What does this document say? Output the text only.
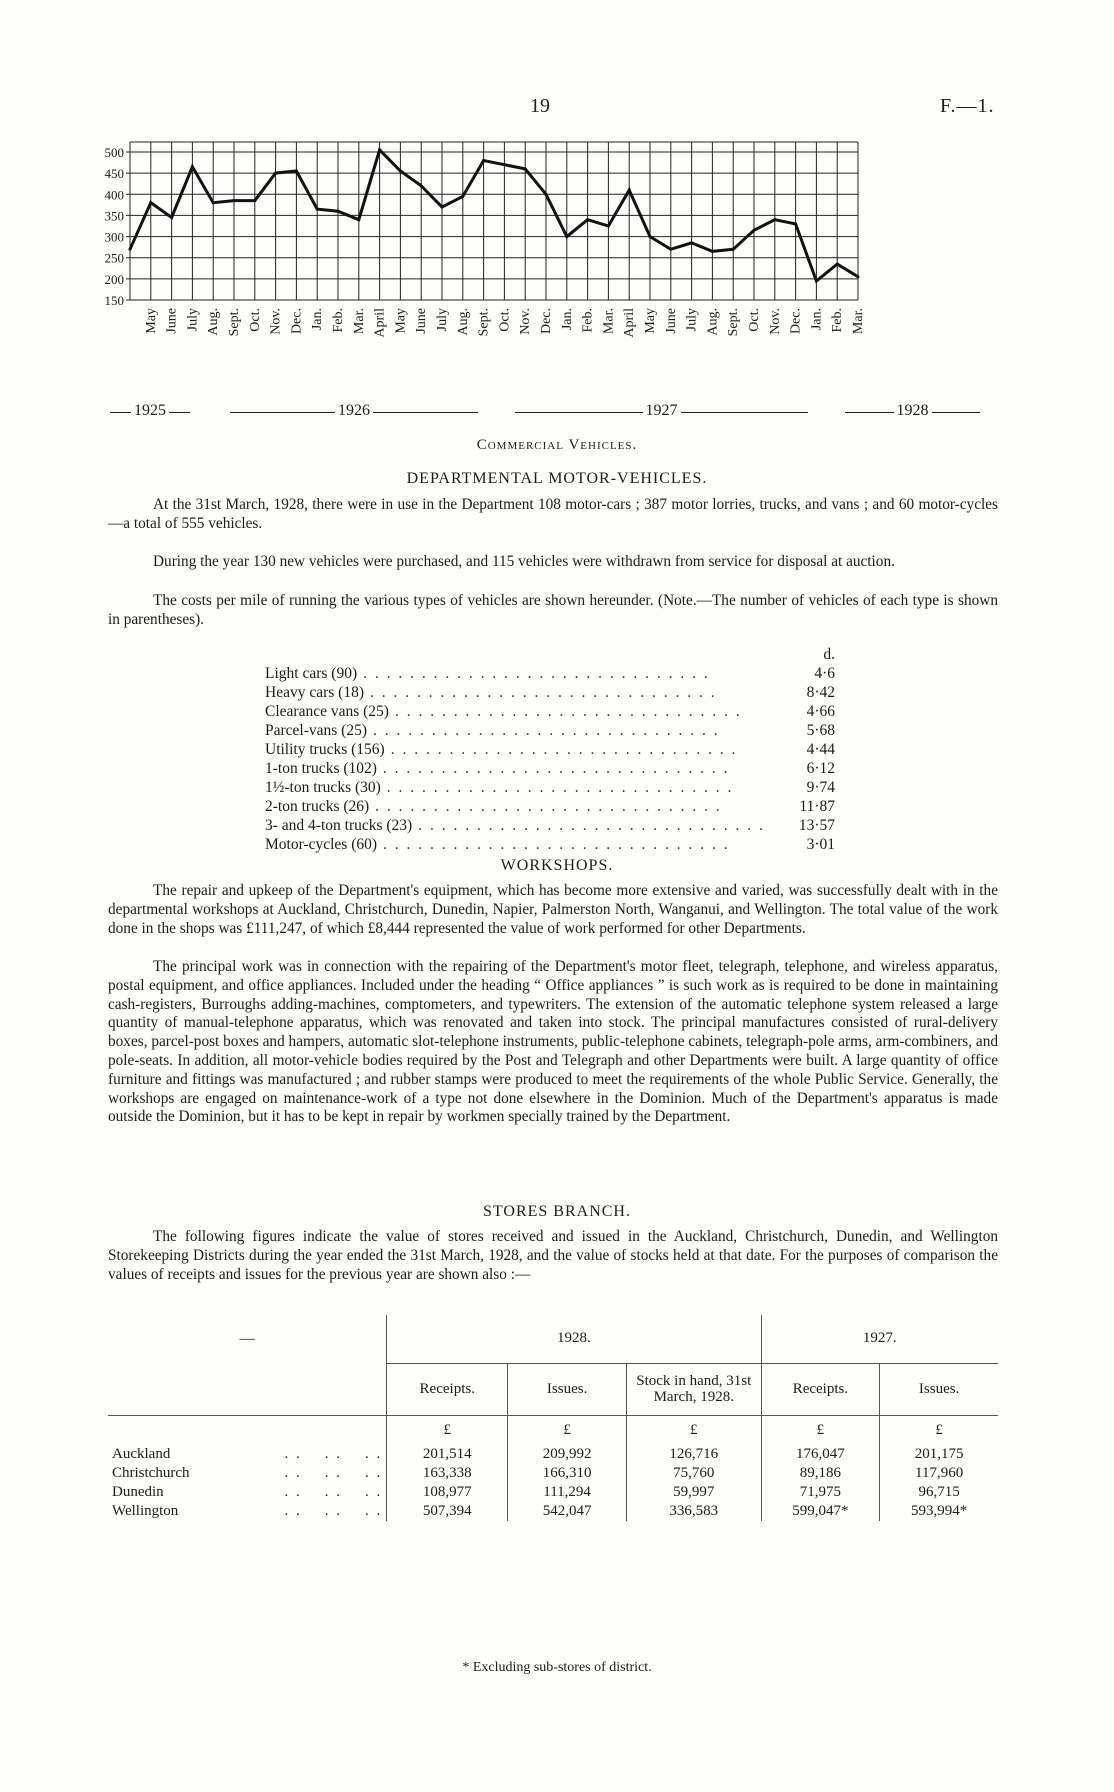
19	F.—1.
150
200
250
300
350
400
450
500
May June July Aug. Sept. Oct. Nov. Dec. Jan. Feb. Mar. April May June July Aug. Sept. Oct. Nov. Dec. Jan. Feb. Mar. April May June July Aug. Sept. Oct. Nov. Dec. Jan. Feb. Mar.
1925	1926	1927	1928
Commercial Vehicles.
DEPARTMENTAL MOTOR-VEHICLES.

At the 31st March, 1928, there were in use in the Department 108 motor-cars ; 387 motor lorries, trucks, and vans ; and 60 motor-cycles —a total of 555 vehicles.

During the year 130 new vehicles were purchased, and 115 vehicles were withdrawn from service for disposal at auction.

The costs per mile of running the various types of vehicles are shown hereunder. (Note.—The number of vehicles of each type is shown in parentheses).

d.
Light cars (90) . . . . . . . . . . . . . . . . . . . . . . . . . . . . . .	4·6
Heavy cars (18) . . . . . . . . . . . . . . . . . . . . . . . . . . . . . .	8·42
Clearance vans (25) . . . . . . . . . . . . . . . . . . . . . . . . . . . . . .	4·66
Parcel-vans (25) . . . . . . . . . . . . . . . . . . . . . . . . . . . . . .	5·68
Utility trucks (156) . . . . . . . . . . . . . . . . . . . . . . . . . . . . . .	4·44
1-ton trucks (102) . . . . . . . . . . . . . . . . . . . . . . . . . . . . . .	6·12
1½-ton trucks (30) . . . . . . . . . . . . . . . . . . . . . . . . . . . . . .	9·74
2-ton trucks (26) . . . . . . . . . . . . . . . . . . . . . . . . . . . . . .	11·87
3- and 4-ton trucks (23) . . . . . . . . . . . . . . . . . . . . . . . . . . . . . .	13·57
Motor-cycles (60) . . . . . . . . . . . . . . . . . . . . . . . . . . . . . .	3·01
WORKSHOPS.

The repair and upkeep of the Department's equipment, which has become more extensive and varied, was successfully dealt with in the departmental workshops at Auckland, Christchurch, Dunedin, Napier, Palmerston North, Wanganui, and Wellington. The total value of the work done in the shops was £111,247, of which £8,444 represented the value of work performed for other Departments.

The principal work was in connection with the repairing of the Department's motor fleet, telegraph, telephone, and wireless apparatus, postal equipment, and office appliances. Included under the heading “ Office appliances ” is such work as is required to be done in maintaining cash-registers, Burroughs adding-machines, comptometers, and typewriters. The extension of the automatic telephone system released a large quantity of manual-telephone apparatus, which was renovated and taken into stock. The principal manufactures consisted of rural-delivery boxes, parcel-post boxes and hampers, automatic slot-telephone instruments, public-telephone cabinets, telegraph-pole arms, arm-combiners, and pole-seats. In addition, all motor-vehicle bodies required by the Post and Telegraph and other Departments were built. A large quantity of office furniture and fittings was manufactured ; and rubber stamps were produced to meet the requirements of the whole Public Service. Generally, the workshops are engaged on maintenance-work of a type not done elsewhere in the Dominion. Much of the Department's apparatus is made outside the Dominion, but it has to be kept in repair by workmen specially trained by the Department.

STORES BRANCH.

The following figures indicate the value of stores received and issued in the Auckland, Christchurch, Dunedin, and Wellington Storekeeping Districts during the year ended the 31st March, 1928, and the value of stocks held at that date. For the purposes of comparison the values of receipts and issues for the previous year are shown also :—

—	1928.			1927.	
	Receipts.	Issues.	Stock in hand, 31st March, 1928.	Receipts.	Issues.
	£	£	£	£	£
Auckland . .    . .    . .	201,514	209,992	126,716	176,047	201,175
Christchurch . .    . .    . .	163,338	166,310	75,760	89,186	117,960
Dunedin . .    . .    . .	108,977	111,294	59,997	71,975	96,715
Wellington . .    . .    . .	507,394	542,047	336,583	599,047*	593,994*
* Excluding sub-stores of district.
